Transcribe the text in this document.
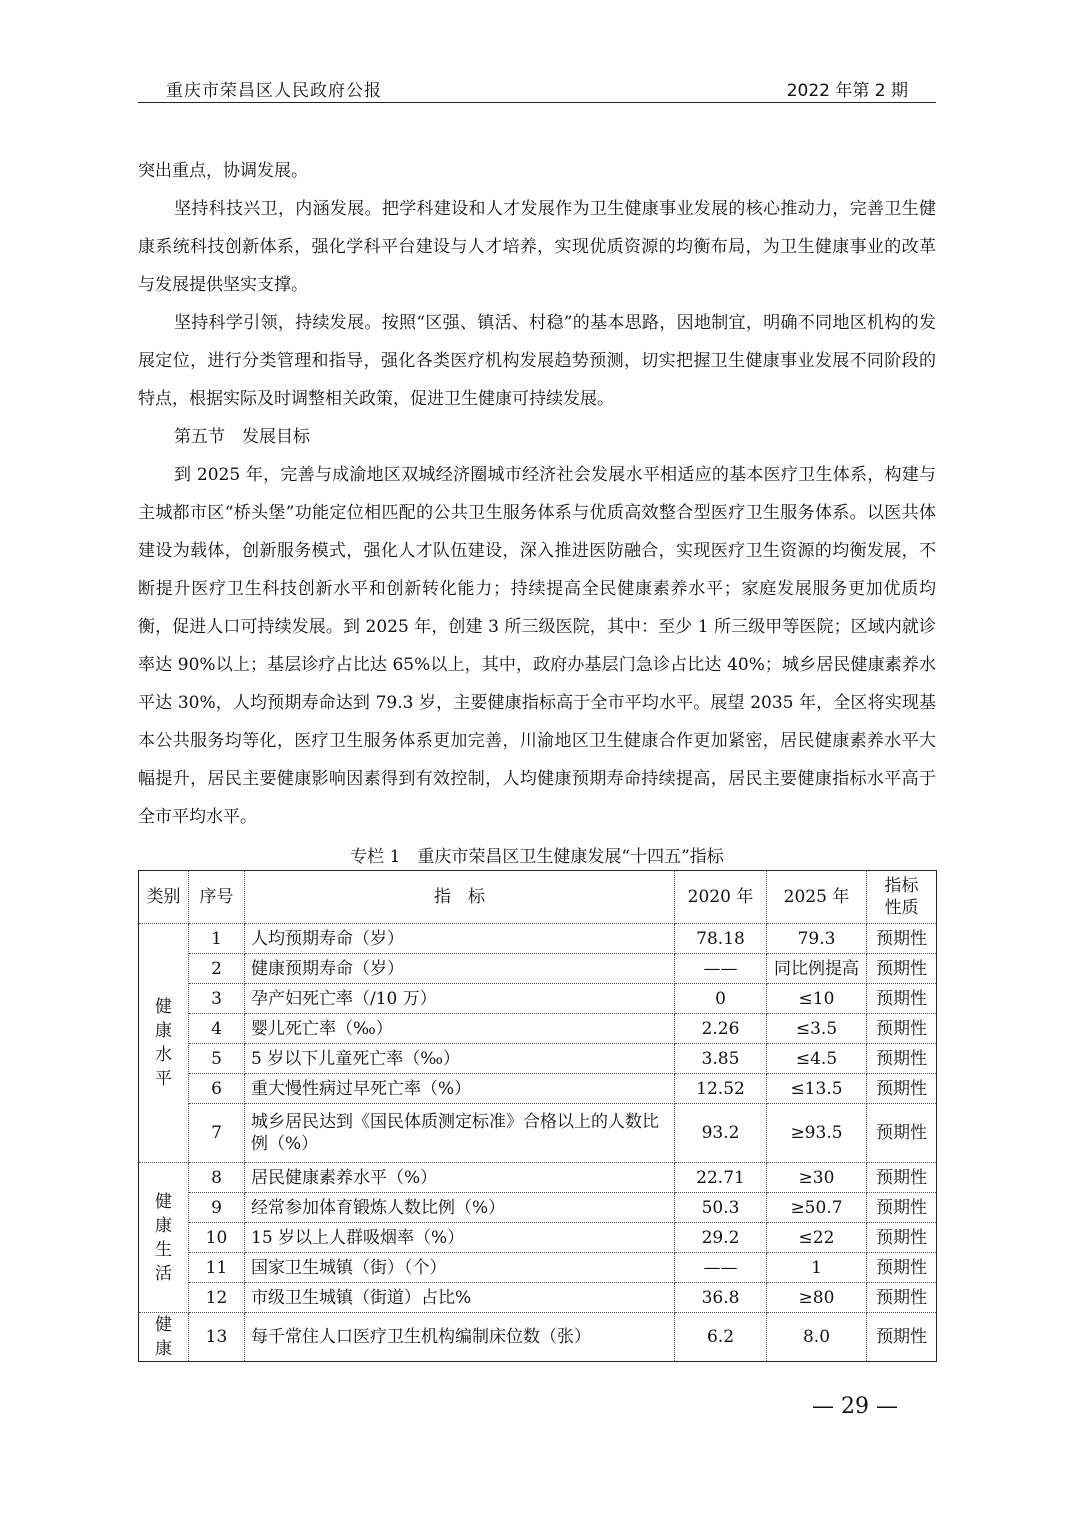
重庆市荣昌区人民政府公报	2022 年第 2 期

突出重点，协调发展。

坚持科技兴卫，内涵发展。把学科建设和人才发展作为卫生健康事业发展的核心推动力，完善卫生健康系统科技创新体系，强化学科平台建设与人才培养，实现优质资源的均衡布局，为卫生健康事业的改革与发展提供坚实支撑。

坚持科学引领，持续发展。按照“区强、镇活、村稳”的基本思路，因地制宜，明确不同地区机构的发展定位，进行分类管理和指导，强化各类医疗机构发展趋势预测，切实把握卫生健康事业发展不同阶段的特点，根据实际及时调整相关政策，促进卫生健康可持续发展。

第五节　发展目标

到 2025 年，完善与成渝地区双城经济圈城市经济社会发展水平相适应的基本医疗卫生体系，构建与主城都市区“桥头堡”功能定位相匹配的公共卫生服务体系与优质高效整合型医疗卫生服务体系。以医共体建设为载体，创新服务模式，强化人才队伍建设，深入推进医防融合，实现医疗卫生资源的均衡发展，不断提升医疗卫生科技创新水平和创新转化能力；持续提高全民健康素养水平；家庭发展服务更加优质均衡，促进人口可持续发展。到 2025 年，创建 3 所三级医院，其中：至少 1 所三级甲等医院；区域内就诊率达 90%以上；基层诊疗占比达 65%以上，其中，政府办基层门急诊占比达 40%；城乡居民健康素养水平达 30%，人均预期寿命达到 79.3 岁，主要健康指标高于全市平均水平。展望 2035 年，全区将实现基本公共服务均等化，医疗卫生服务体系更加完善，川渝地区卫生健康合作更加紧密，居民健康素养水平大幅提升，居民主要健康影响因素得到有效控制，人均健康预期寿命持续提高，居民主要健康指标水平高于全市平均水平。

专栏 1　重庆市荣昌区卫生健康发展“十四五”指标
类别	序号	指　标	2020 年	2025 年	指标
性质

健康水平	1	人均预期寿命（岁）	78.18	79.3	预期性
	2	健康预期寿命（岁）	——	同比例提高	预期性
	3	孕产妇死亡率（/10 万）	0	≤10	预期性
	4	婴儿死亡率（‰）	2.26	≤3.5	预期性
	5	5 岁以下儿童死亡率（‰）	3.85	≤4.5	预期性
	6	重大慢性病过早死亡率（%）	12.52	≤13.5	预期性
	7	城乡居民达到《国民体质测定标准》合格以上的人数比例（%）	93.2	≥93.5	预期性

健康生活	8	居民健康素养水平（%）	22.71	≥30	预期性
	9	经常参加体育锻炼人数比例（%）	50.3	≥50.7	预期性
	10	15 岁以上人群吸烟率（%）	29.2	≤22	预期性
	11	国家卫生城镇（街）（个）	——	1	预期性
	12	市级卫生城镇（街道）占比%	36.8	≥80	预期性

健康	13	每千常住人口医疗卫生机构编制床位数（张）	6.2	8.0	预期性
— 29 —
